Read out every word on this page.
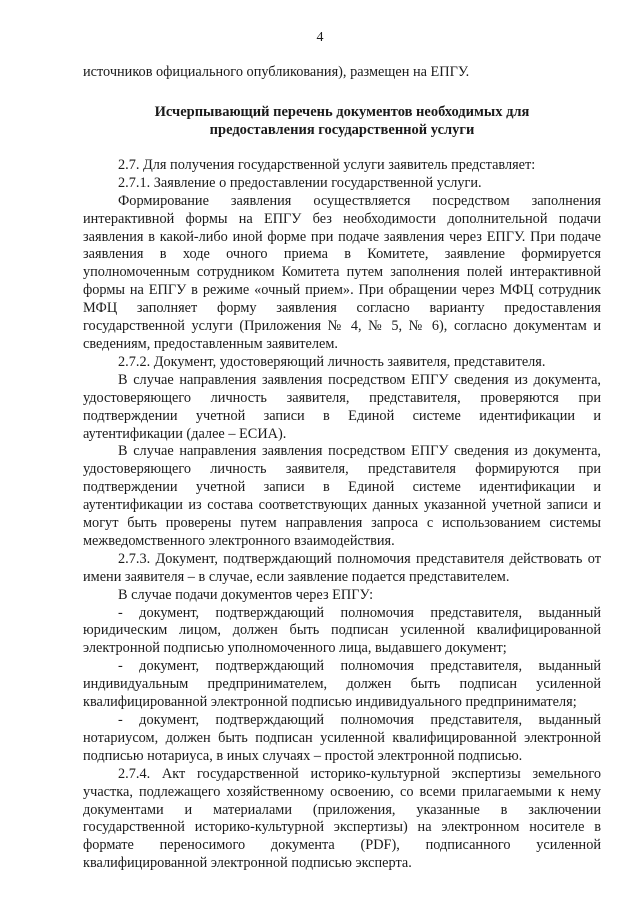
4

источников официального опубликования), размещен на ЕПГУ.

Исчерпывающий перечень документов необходимых для
предоставления государственной услуги

2.7. Для получения государственной услуги заявитель представляет:

2.7.1. Заявление о предоставлении государственной услуги.

Формирование заявления осуществляется посредством заполнения интерактивной формы на ЕПГУ без необходимости дополнительной подачи заявления в какой-либо иной форме при подаче заявления через ЕПГУ. При подаче заявления в ходе очного приема в Комитете, заявление формируется уполномоченным сотрудником Комитета путем заполнения полей интерактивной формы на ЕПГУ в режиме «очный прием». При обращении через МФЦ сотрудник МФЦ заполняет форму заявления согласно варианту предоставления государственной услуги (Приложения № 4, № 5, № 6), согласно документам и сведениям, предоставленным заявителем.

2.7.2. Документ, удостоверяющий личность заявителя, представителя.

В случае направления заявления посредством ЕПГУ сведения из документа, удостоверяющего личность заявителя, представителя, проверяются при подтверждении учетной записи в Единой системе идентификации и аутентификации (далее – ЕСИА).

В случае направления заявления посредством ЕПГУ сведения из документа, удостоверяющего личность заявителя, представителя формируются при подтверждении учетной записи в Единой системе идентификации и аутентификации из состава соответствующих данных указанной учетной записи и могут быть проверены путем направления запроса с использованием системы межведомственного электронного взаимодействия.

2.7.3. Документ, подтверждающий полномочия представителя действовать от имени заявителя – в случае, если заявление подается представителем.

В случае подачи документов через ЕПГУ:

- документ, подтверждающий полномочия представителя, выданный юридическим лицом, должен быть подписан усиленной квалифицированной электронной подписью уполномоченного лица, выдавшего документ;

- документ, подтверждающий полномочия представителя, выданный индивидуальным предпринимателем, должен быть подписан усиленной квалифицированной электронной подписью индивидуального предпринимателя;

- документ, подтверждающий полномочия представителя, выданный нотариусом, должен быть подписан усиленной квалифицированной электронной подписью нотариуса, в иных случаях – простой электронной подписью.

2.7.4. Акт государственной историко-культурной экспертизы земельного участка, подлежащего хозяйственному освоению, со всеми прилагаемыми к нему документами и материалами (приложения, указанные в заключении государственной историко-культурной экспертизы) на электронном носителе в формате переносимого документа (PDF), подписанного усиленной квалифицированной электронной подписью эксперта.
